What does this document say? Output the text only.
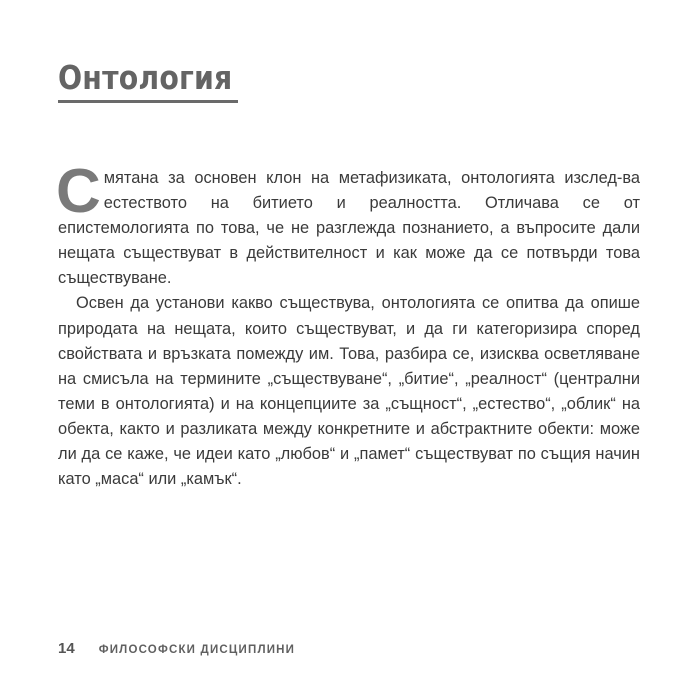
Онтология

Смятана за основен клон на метафизиката, онтологията изслед-ва естеството на битието и реалността. Отличава се от епистемологията по това, че не разглежда познанието, а въпросите дали нещата съществуват в действителност и как може да се потвърди това съществуване.

Освен да установи какво съществува, онтологията се опитва да опише природата на нещата, които съществуват, и да ги категоризира според свойствата и връзката помежду им. Това, разбира се, изисква осветляване на смисъла на термините „съществуване“, „битие“, „реалност“ (централни теми в онтологията) и на концепциите за „същност“, „естество“, „облик“ на обекта, както и разликата между конкретните и абстрактните обекти: може ли да се каже, че идеи като „любов“ и „памет“ съществуват по същия начин като „маса“ или „камък“.

14 ФИЛОСОФСКИ ДИСЦИПЛИНИ
